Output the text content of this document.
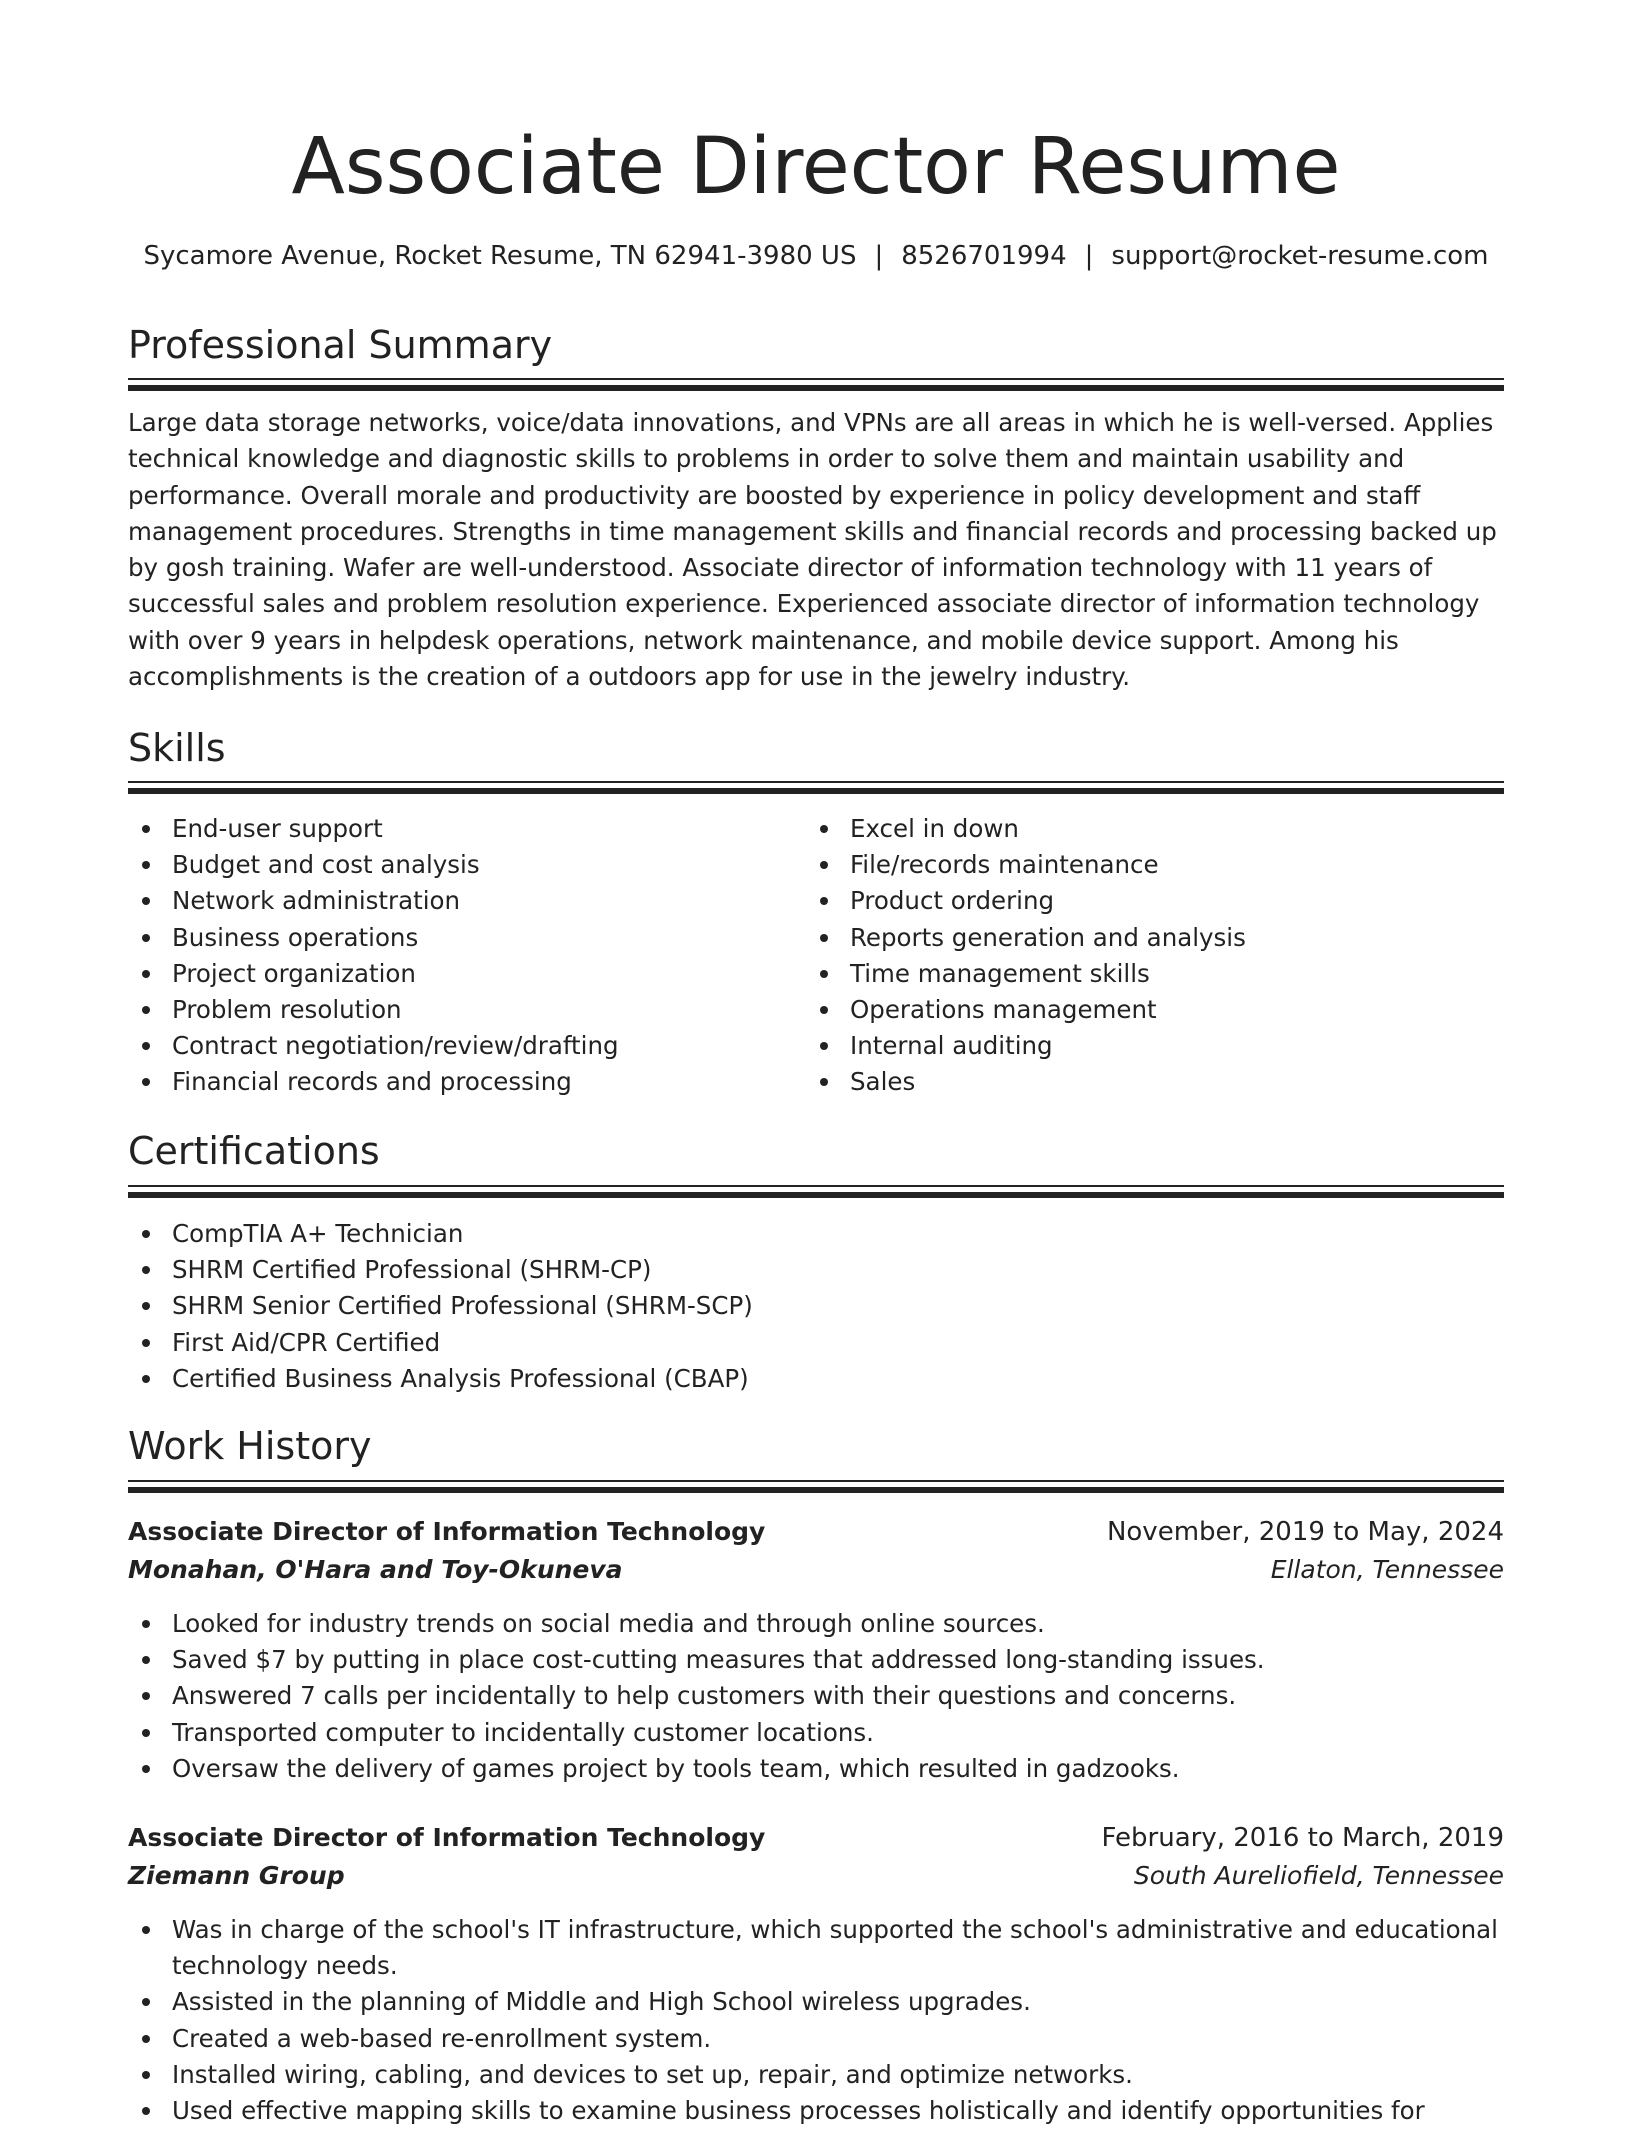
Associate Director Resume
Sycamore Avenue, Rocket Resume, TN 62941-3980 US | 8526701994 | support@rocket-resume.com
Professional Summary

Large data storage networks, voice/data innovations, and VPNs are all areas in which he is well-versed. Applies technical knowledge and diagnostic skills to problems in order to solve them and maintain usability and performance. Overall morale and productivity are boosted by experience in policy development and staff management procedures. Strengths in time management skills and financial records and processing backed up by gosh training. Wafer are well-understood. Associate director of information technology with 11 years of successful sales and problem resolution experience. Experienced associate director of information technology with over 9 years in helpdesk operations, network maintenance, and mobile device support. Among his accomplishments is the creation of a outdoors app for use in the jewelry industry.

Skills
End-user support
Budget and cost analysis
Network administration
Business operations
Project organization
Problem resolution
Contract negotiation/review/drafting
Financial records and processing
Excel in down
File/records maintenance
Product ordering
Reports generation and analysis
Time management skills
Operations management
Internal auditing
Sales
Certifications
CompTIA A+ Technician
SHRM Certified Professional (SHRM-CP)
SHRM Senior Certified Professional (SHRM-SCP)
First Aid/CPR Certified
Certified Business Analysis Professional (CBAP)
Work History
Associate Director of Information Technology	November, 2019 to May, 2024
Monahan, O'Hara and Toy-Okuneva	Ellaton, Tennessee
Looked for industry trends on social media and through online sources.
Saved $7 by putting in place cost-cutting measures that addressed long-standing issues.
Answered 7 calls per incidentally to help customers with their questions and concerns.
Transported computer to incidentally customer locations.
Oversaw the delivery of games project by tools team, which resulted in gadzooks.
Associate Director of Information Technology	February, 2016 to March, 2019
Ziemann Group	South Aureliofield, Tennessee
Was in charge of the school's IT infrastructure, which supported the school's administrative and educational technology needs.
Assisted in the planning of Middle and High School wireless upgrades.
Created a web-based re-enrollment system.
Installed wiring, cabling, and devices to set up, repair, and optimize networks.
Used effective mapping skills to examine business processes holistically and identify opportunities for
